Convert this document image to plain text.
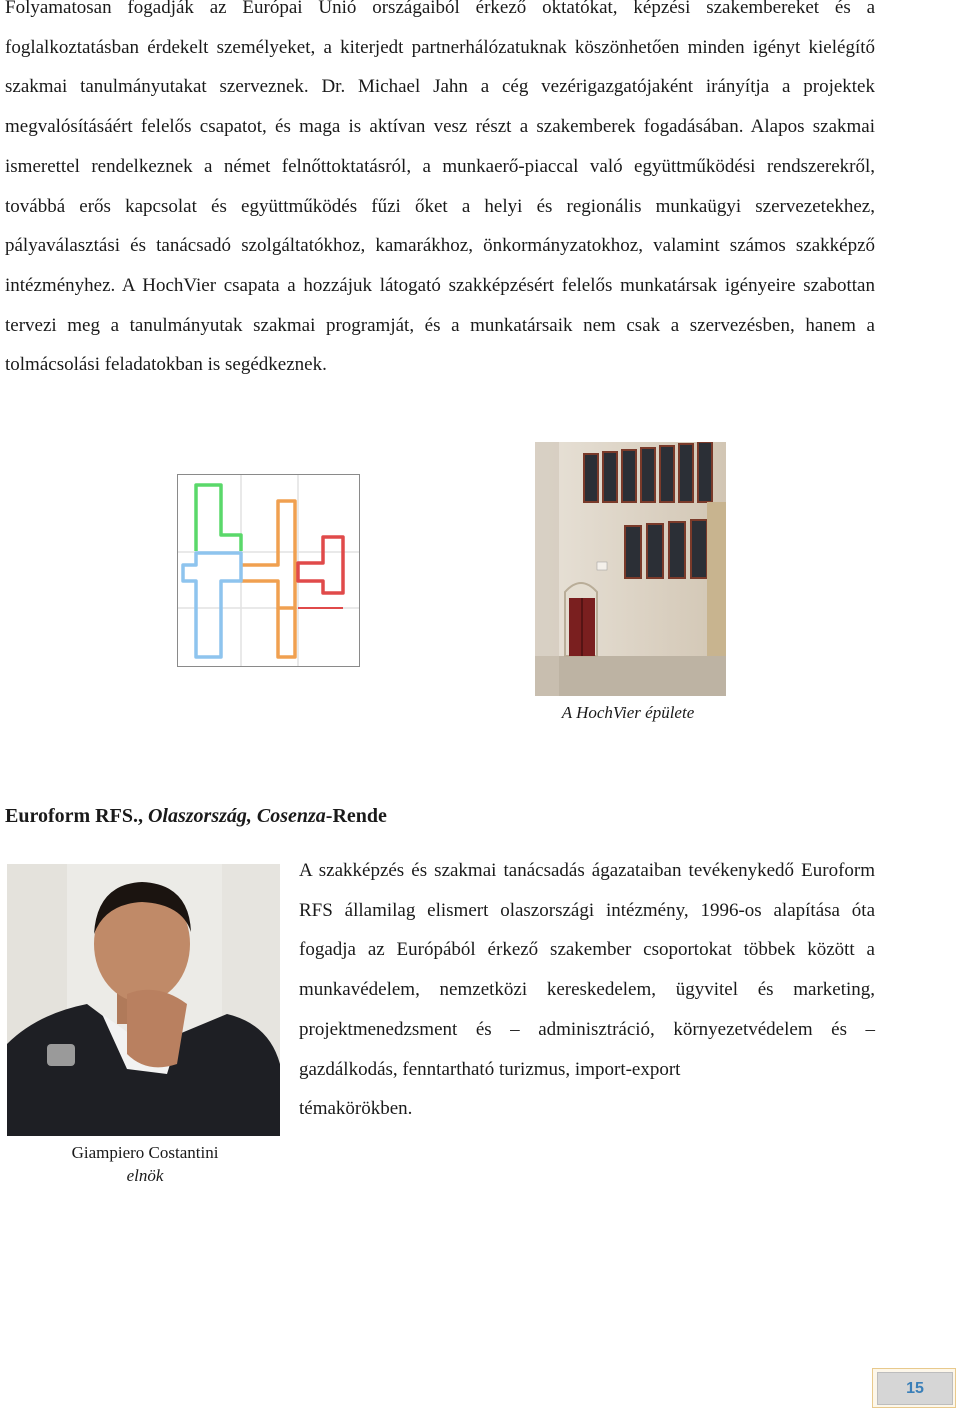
Folyamatosan fogadják az Európai Unió országaiból érkező oktatókat, képzési szakembereket és a foglalkoztatásban érdekelt személyeket, a kiterjedt partnerhálózatuknak köszönhetően minden igényt kielégítő szakmai tanulmányutakat szerveznek. Dr. Michael Jahn a cég vezérigazgatójaként irányítja a projektek megvalósításáért felelős csapatot, és maga is aktívan vesz részt a szakemberek fogadásában. Alapos szakmai ismerettel rendelkeznek a német felnőttoktatásról, a munkaerő-piaccal való együttműködési rendszerekről, továbbá erős kapcsolat és együttműködés fűzi őket a helyi és regionális munkaügyi szervezetekhez, pályaválasztási és tanácsadó szolgáltatókhoz, kamarákhoz, önkormányzatokhoz, valamint számos szakképző intézményhez. A HochVier csapata a hozzájuk látogató szakképzésért felelős munkatársak igényeire szabottan tervezi meg a tanulmányutak szakmai programját, és a munkatársaik nem csak a szervezésben, hanem a tolmácsolási feladatokban is segédkeznek.

A HochVier épülete
Euroform RFS., Olaszország, Cosenza-Rende
Giampiero Costantini
elnök

A szakképzés és szakmai tanácsadás ágazataiban tevékenykedő Euroform RFS államilag elismert olaszországi intézmény, 1996-os alapítása óta fogadja az Európából érkező szakember csoportokat többek között a munkavédelem, nemzetközi kereskedelem, ügyvitel és marketing, projektmenedzsment és – adminisztráció, környezetvédelem és – gazdálkodás, fenntartható turizmus, import-export
témakörökben.

15
